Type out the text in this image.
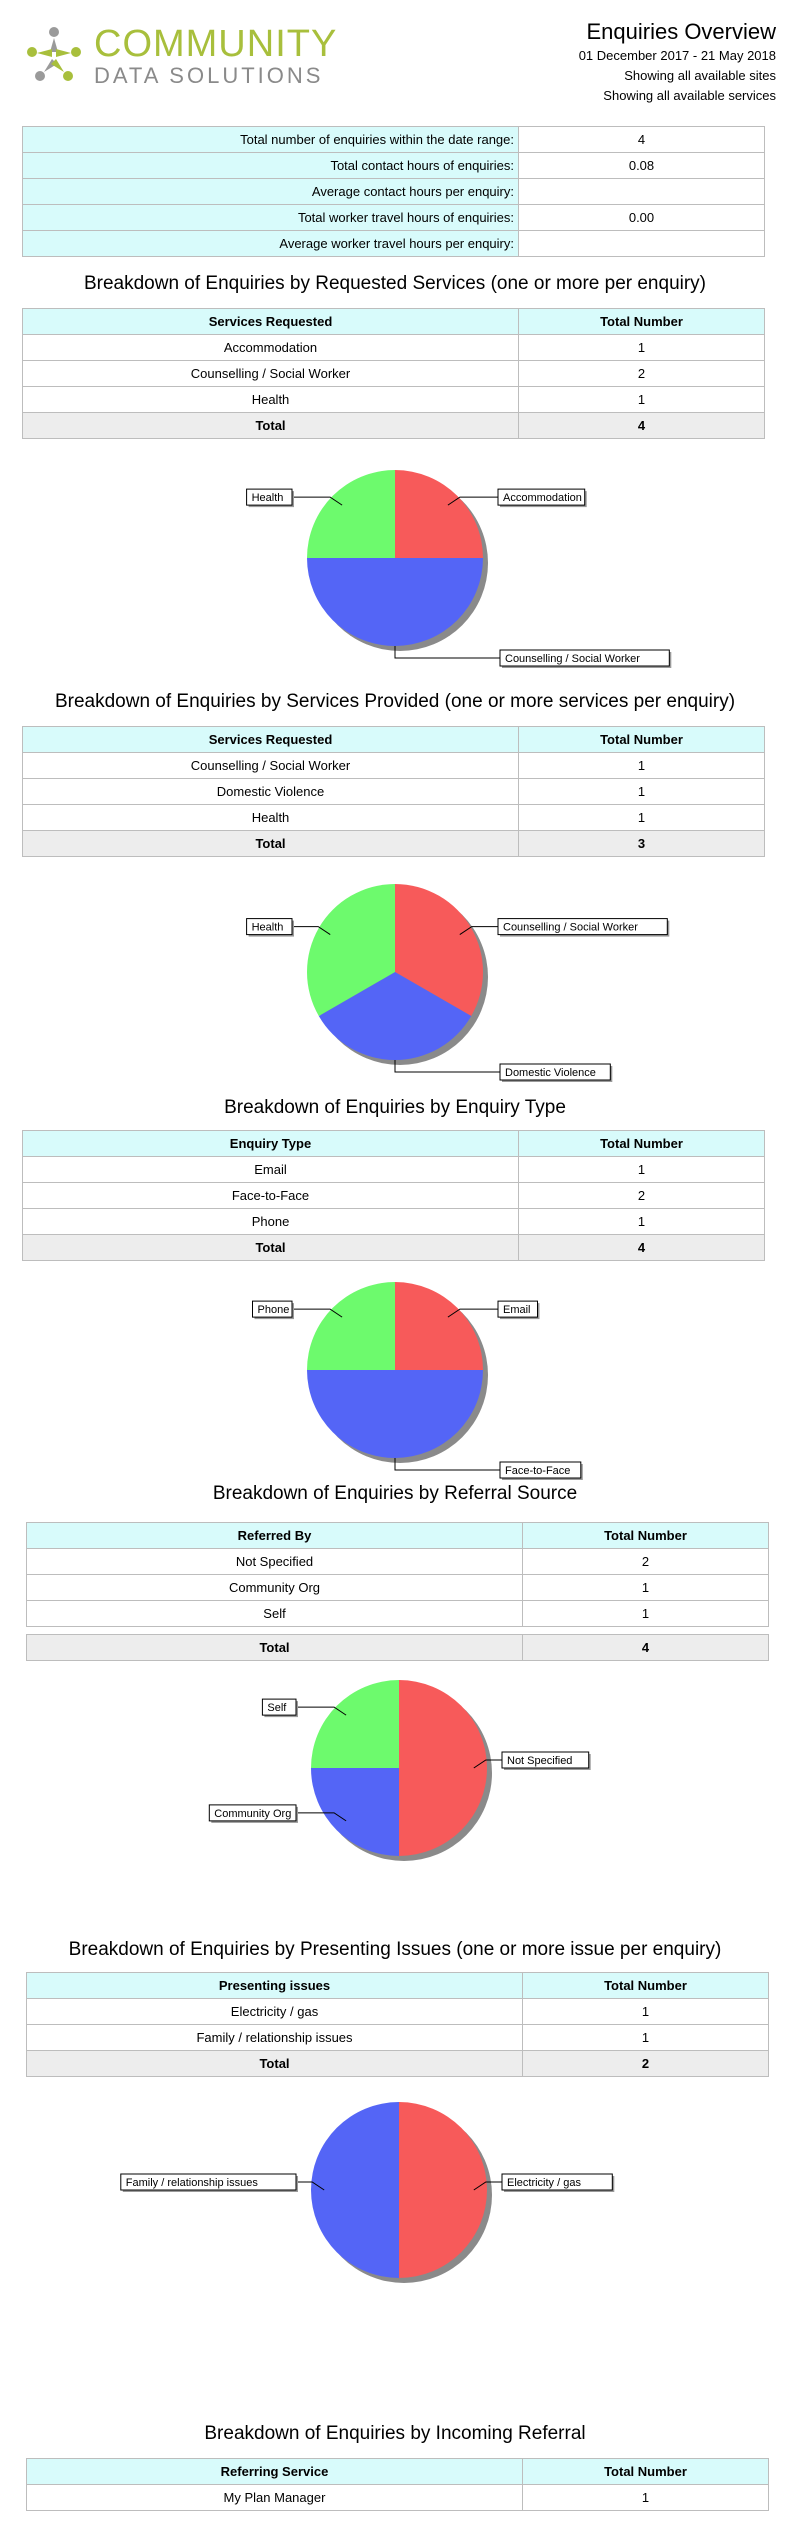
COMMUNITY
DATA SOLUTIONS
Enquiries Overview
01 December 2017 - 21 May 2018
Showing all available sites
Showing all available services
Total number of enquiries within the date range:	4
Total contact hours of enquiries:	0.08
Average contact hours per enquiry:	
Total worker travel hours of enquiries:	0.00
Average worker travel hours per enquiry:	
Breakdown of Enquiries by Requested Services (one or more per enquiry)
Services Requested	Total Number
Accommodation	1
Counselling / Social Worker	2
Health	1
Total	4
Accommodation
Counselling / Social Worker
Health
Breakdown of Enquiries by Services Provided (one or more services per enquiry)
Services Requested	Total Number
Counselling / Social Worker	1
Domestic Violence	1
Health	1
Total	3
Counselling / Social Worker
Domestic Violence
Health
Breakdown of Enquiries by Enquiry Type
Enquiry Type	Total Number
Email	1
Face-to-Face	2
Phone	1
Total	4
Email
Face-to-Face
Phone
Breakdown of Enquiries by Referral Source
Referred By	Total Number
Not Specified	2
Community Org	1
Self	1
Total	4
Not Specified
Community Org
Self
Breakdown of Enquiries by Presenting Issues (one or more issue per enquiry)
Presenting issues	Total Number
Electricity / gas	1
Family / relationship issues	1
Total	2
Electricity / gas
Family / relationship issues
Breakdown of Enquiries by Incoming Referral
Referring Service	Total Number
My Plan Manager	1
